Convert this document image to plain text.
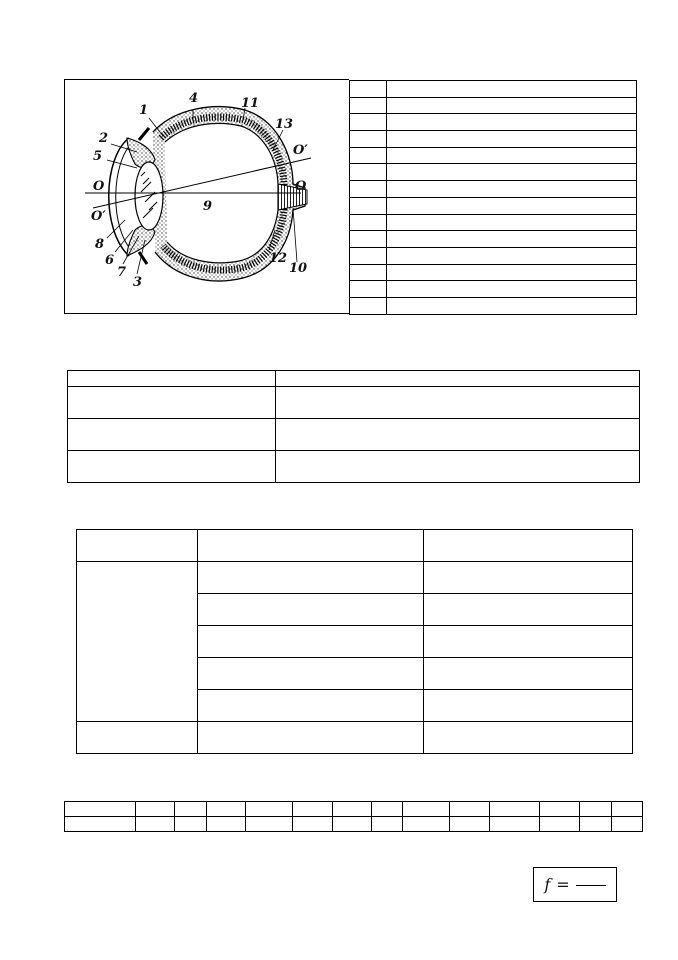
1
4	11
13
2
5	O′
O	O
O′
9
8
6
7
3
12
10

f =
